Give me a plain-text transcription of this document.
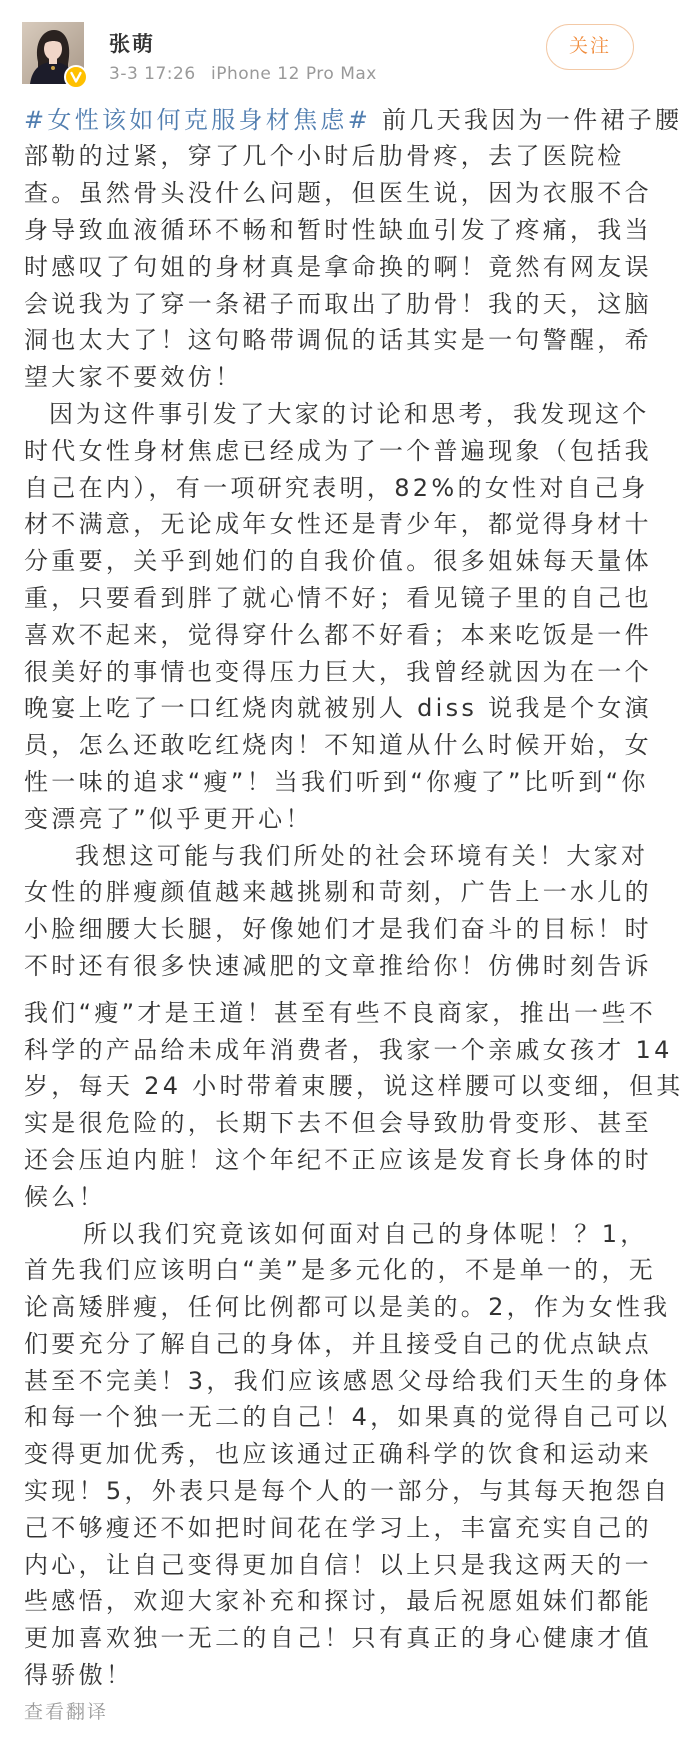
张萌
3-3 17:26 iPhone 12 Pro Max
关注
#女性该如何克服身材焦虑# 前几天我因为一件裙子腰
部勒的过紧，穿了几个小时后肋骨疼，去了医院检
查。虽然骨头没什么问题，但医生说，因为衣服不合
身导致血液循环不畅和暂时性缺血引发了疼痛，我当
时感叹了句姐的身材真是拿命换的啊！竟然有网友误
会说我为了穿一条裙子而取出了肋骨！我的天，这脑
洞也太大了！这句略带调侃的话其实是一句警醒，希
望大家不要效仿！
因为这件事引发了大家的讨论和思考，我发现这个
时代女性身材焦虑已经成为了一个普遍现象（包括我
自己在内），有一项研究表明，82%的女性对自己身
材不满意，无论成年女性还是青少年，都觉得身材十
分重要，关乎到她们的自我价值。很多姐妹每天量体
重，只要看到胖了就心情不好；看见镜子里的自己也
喜欢不起来，觉得穿什么都不好看；本来吃饭是一件
很美好的事情也变得压力巨大，我曾经就因为在一个
晚宴上吃了一口红烧肉就被别人 diss 说我是个女演
员，怎么还敢吃红烧肉！不知道从什么时候开始，女
性一味的追求“瘦”！当我们听到“你瘦了”比听到“你
变漂亮了”似乎更开心！
我想这可能与我们所处的社会环境有关！大家对
女性的胖瘦颜值越来越挑剔和苛刻，广告上一水儿的
小脸细腰大长腿，好像她们才是我们奋斗的目标！时
不时还有很多快速减肥的文章推给你！仿佛时刻告诉
我们“瘦”才是王道！甚至有些不良商家，推出一些不
科学的产品给未成年消费者，我家一个亲戚女孩才 14
岁，每天 24 小时带着束腰，说这样腰可以变细，但其
实是很危险的，长期下去不但会导致肋骨变形、甚至
还会压迫内脏！这个年纪不正应该是发育长身体的时
候么！
所以我们究竟该如何面对自己的身体呢！？1，
首先我们应该明白“美”是多元化的，不是单一的，无
论高矮胖瘦，任何比例都可以是美的。2，作为女性我
们要充分了解自己的身体，并且接受自己的优点缺点
甚至不完美！3，我们应该感恩父母给我们天生的身体
和每一个独一无二的自己！4，如果真的觉得自己可以
变得更加优秀，也应该通过正确科学的饮食和运动来
实现！5，外表只是每个人的一部分，与其每天抱怨自
己不够瘦还不如把时间花在学习上，丰富充实自己的
内心，让自己变得更加自信！以上只是我这两天的一
些感悟，欢迎大家补充和探讨，最后祝愿姐妹们都能
更加喜欢独一无二的自己！只有真正的身心健康才值
得骄傲！
查看翻译
